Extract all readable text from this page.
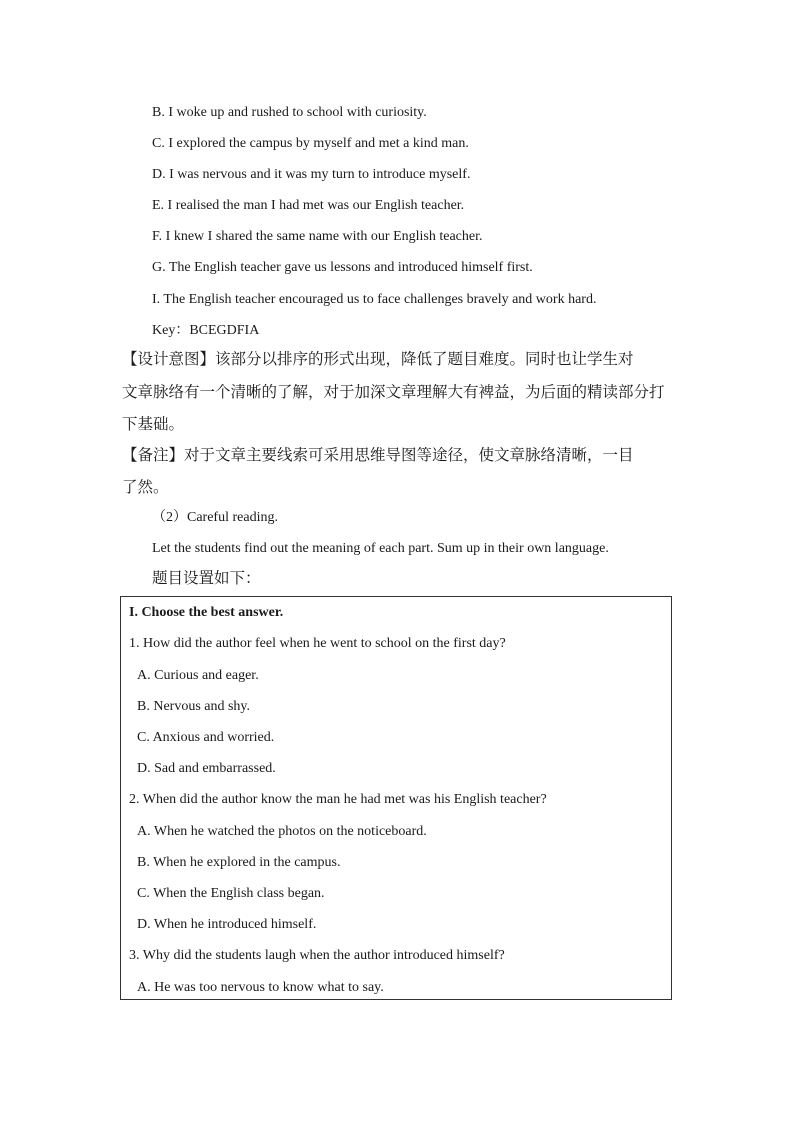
B. I woke up and rushed to school with curiosity.
C. I explored the campus by myself and met a kind man.
D. I was nervous and it was my turn to introduce myself.
E. I realised the man I had met was our English teacher.
F. I knew I shared the same name with our English teacher.
G. The English teacher gave us lessons and introduced himself first.
I. The English teacher encouraged us to face challenges bravely and work hard.
Key：BCEGDFIA
【设计意图】该部分以排序的形式出现，降低了题目难度。同时也让学生对
文章脉络有一个清晰的了解，对于加深文章理解大有裨益，为后面的精读部分打
下基础。
【备注】对于文章主要线索可采用思维导图等途径，使文章脉络清晰，一目
了然。
（2）Careful reading.
Let the students find out the meaning of each part. Sum up in their own language.
题目设置如下：
I. Choose the best answer.
1. How did the author feel when he went to school on the first day?
A. Curious and eager.
B. Nervous and shy.
C. Anxious and worried.
D. Sad and embarrassed.
2. When did the author know the man he had met was his English teacher?
A. When he watched the photos on the noticeboard.
B. When he explored in the campus.
C. When the English class began.
D. When he introduced himself.
3. Why did the students laugh when the author introduced himself?
A. He was too nervous to know what to say.
